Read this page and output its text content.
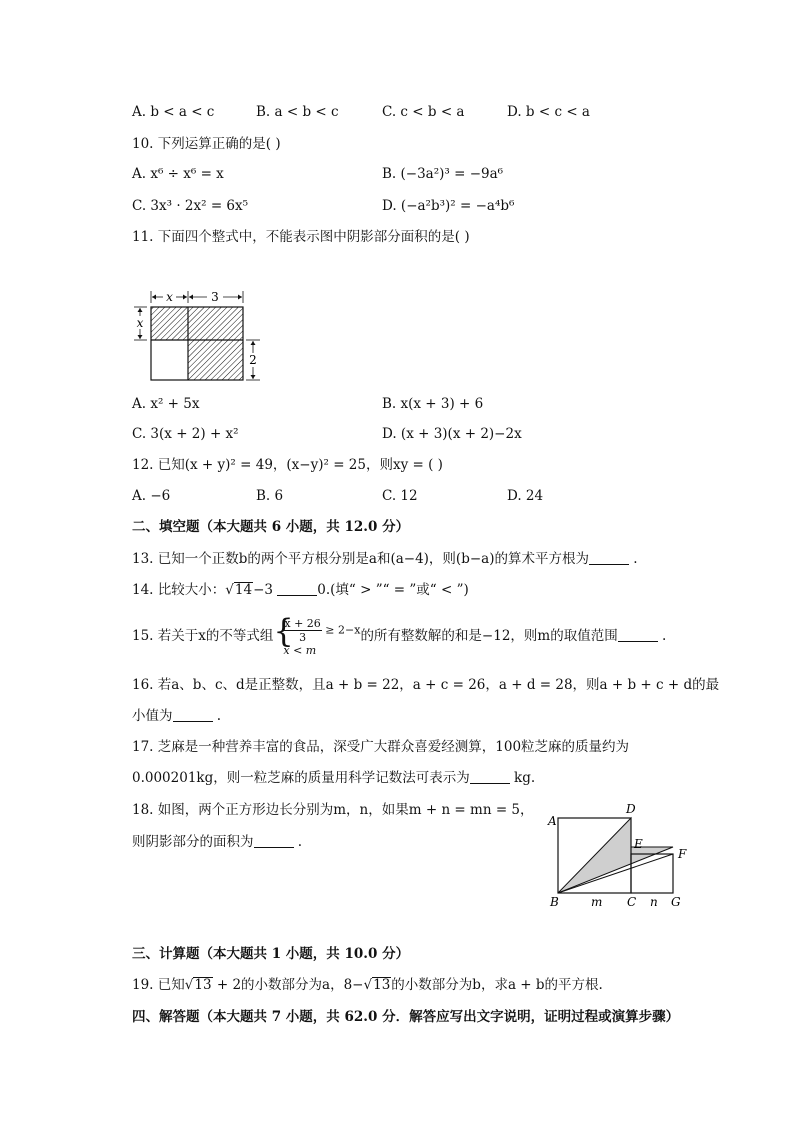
A. b < a < c	B. a < b < c	C. c < b < a	D. b < c < a
10. 下列运算正确的是( )
A. x⁶ ÷ x⁶ = x	B. (−3a²)³ = −9a⁶
C. 3x³ · 2x² = 6x⁵	D. (−a²b³)² = −a⁴b⁶
11. 下面四个整式中，不能表示图中阴影部分面积的是( )
x	3
x
2
A. x² + 5x	B. x(x + 3) + 6
C. 3(x + 2) + x²	D. (x + 3)(x + 2)−2x
12. 已知(x + y)² = 49，(x−y)² = 25，则xy = ( )
A. −6	B. 6	C. 12	D. 24
二、填空题（本大题共 6 小题，共 12.0 分）
13. 已知一个正数b的两个平方根分别是a和(a−4)，则(b−a)的算术平方根为	.
14. 比较大小：√14−3	0.(填“ > ”“ = ”或“ < ”)
15. 若关于x的不等式组 {
$\frac{x + 26}{3} \ge 2-x$
x < m
的所有整数解的和是−12，则m的取值范围	.
16. 若a、b、c、d是正整数，且a + b = 22，a + c = 26，a + d = 28，则a + b + c + d的最
小值为	.
17. 芝麻是一种营养丰富的食品，深受广大群众喜爱经测算，100粒芝麻的质量约为
0.000201kg，则一粒芝麻的质量用科学记数法可表示为	kg.
18. 如图，两个正方形边长分别为m，n，如果m + n = mn = 5，
则阴影部分的面积为	.
A
D
E
F
B	C	G
m	n
三、计算题（本大题共 1 小题，共 10.0 分）
19. 已知√13 + 2的小数部分为a，8−√13的小数部分为b，求a + b的平方根.
四、解答题（本大题共 7 小题，共 62.0 分．解答应写出文字说明，证明过程或演算步骤）
